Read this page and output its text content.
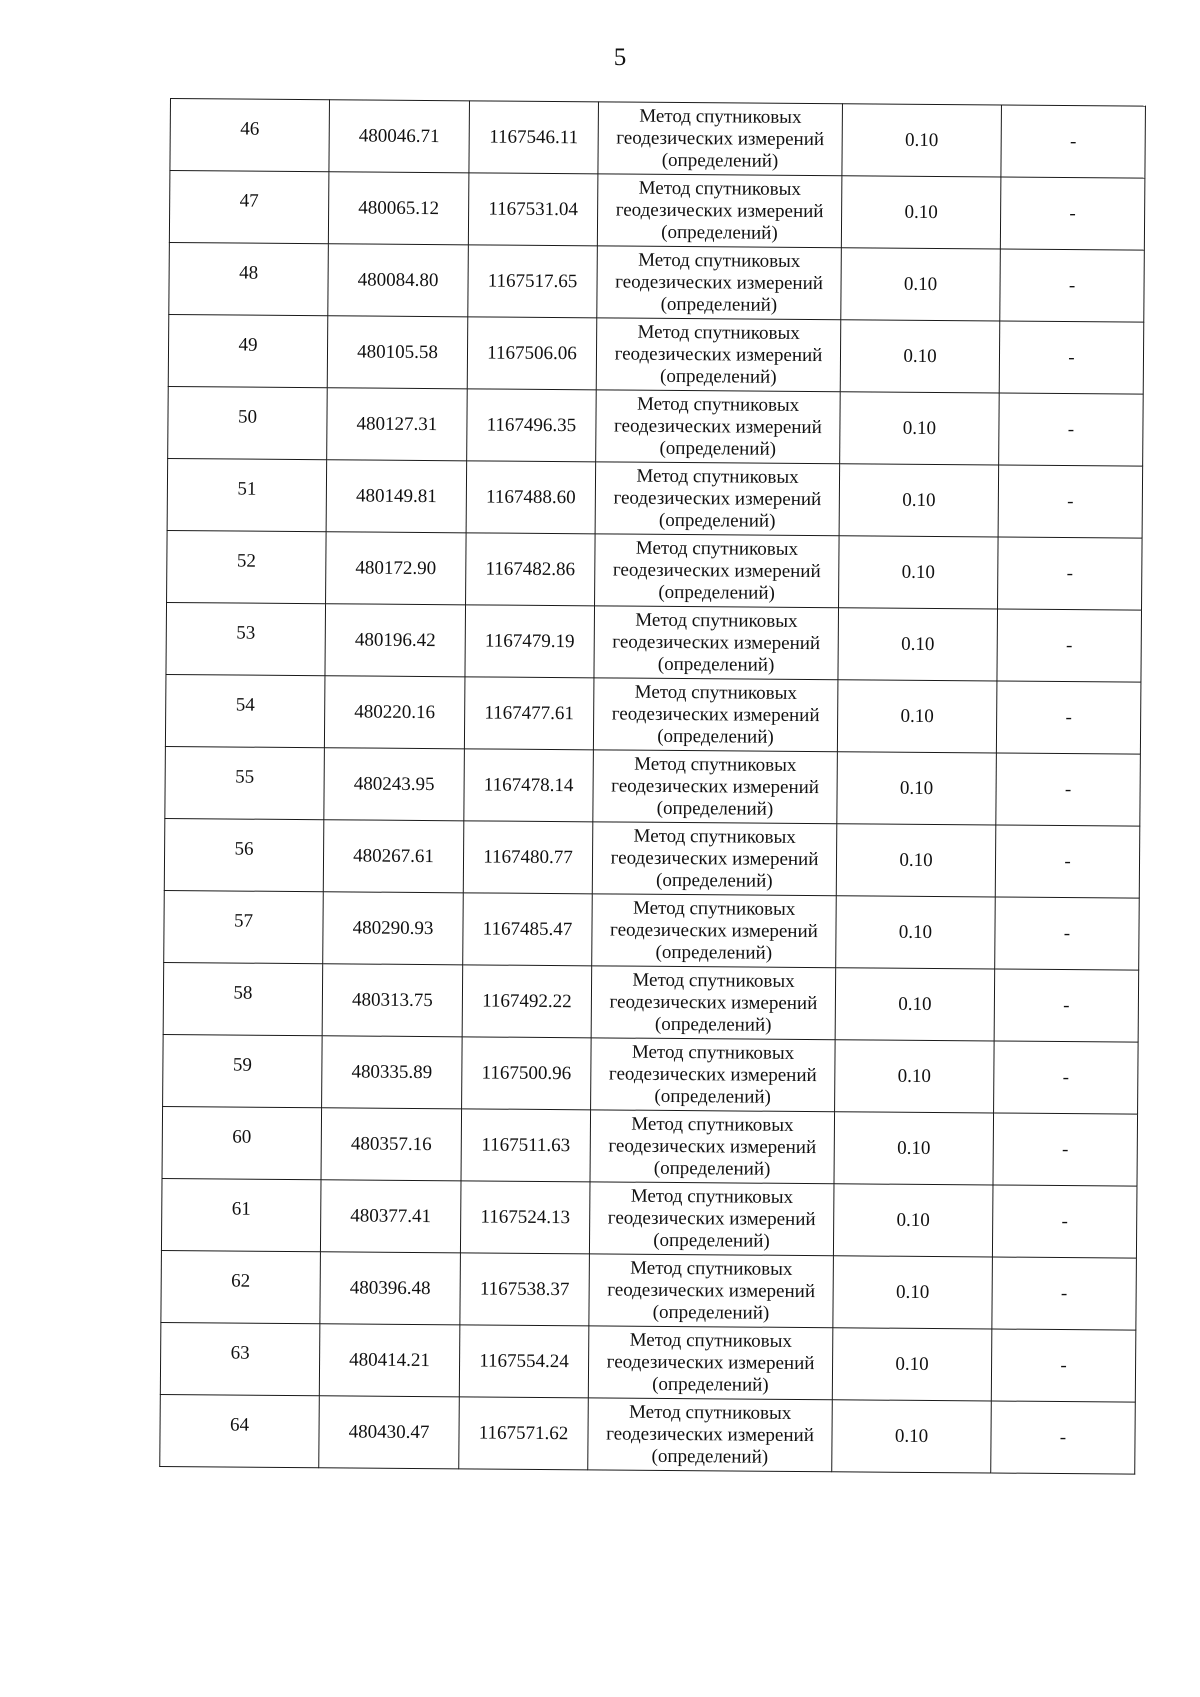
5
46	480046.71	1167546.11	Метод спутниковых
геодезических измерений
(определений)	0.10	-
47	480065.12	1167531.04	Метод спутниковых
геодезических измерений
(определений)	0.10	-
48	480084.80	1167517.65	Метод спутниковых
геодезических измерений
(определений)	0.10	-
49	480105.58	1167506.06	Метод спутниковых
геодезических измерений
(определений)	0.10	-
50	480127.31	1167496.35	Метод спутниковых
геодезических измерений
(определений)	0.10	-
51	480149.81	1167488.60	Метод спутниковых
геодезических измерений
(определений)	0.10	-
52	480172.90	1167482.86	Метод спутниковых
геодезических измерений
(определений)	0.10	-
53	480196.42	1167479.19	Метод спутниковых
геодезических измерений
(определений)	0.10	-
54	480220.16	1167477.61	Метод спутниковых
геодезических измерений
(определений)	0.10	-
55	480243.95	1167478.14	Метод спутниковых
геодезических измерений
(определений)	0.10	-
56	480267.61	1167480.77	Метод спутниковых
геодезических измерений
(определений)	0.10	-
57	480290.93	1167485.47	Метод спутниковых
геодезических измерений
(определений)	0.10	-
58	480313.75	1167492.22	Метод спутниковых
геодезических измерений
(определений)	0.10	-
59	480335.89	1167500.96	Метод спутниковых
геодезических измерений
(определений)	0.10	-
60	480357.16	1167511.63	Метод спутниковых
геодезических измерений
(определений)	0.10	-
61	480377.41	1167524.13	Метод спутниковых
геодезических измерений
(определений)	0.10	-
62	480396.48	1167538.37	Метод спутниковых
геодезических измерений
(определений)	0.10	-
63	480414.21	1167554.24	Метод спутниковых
геодезических измерений
(определений)	0.10	-
64	480430.47	1167571.62	Метод спутниковых
геодезических измерений
(определений)	0.10	-
